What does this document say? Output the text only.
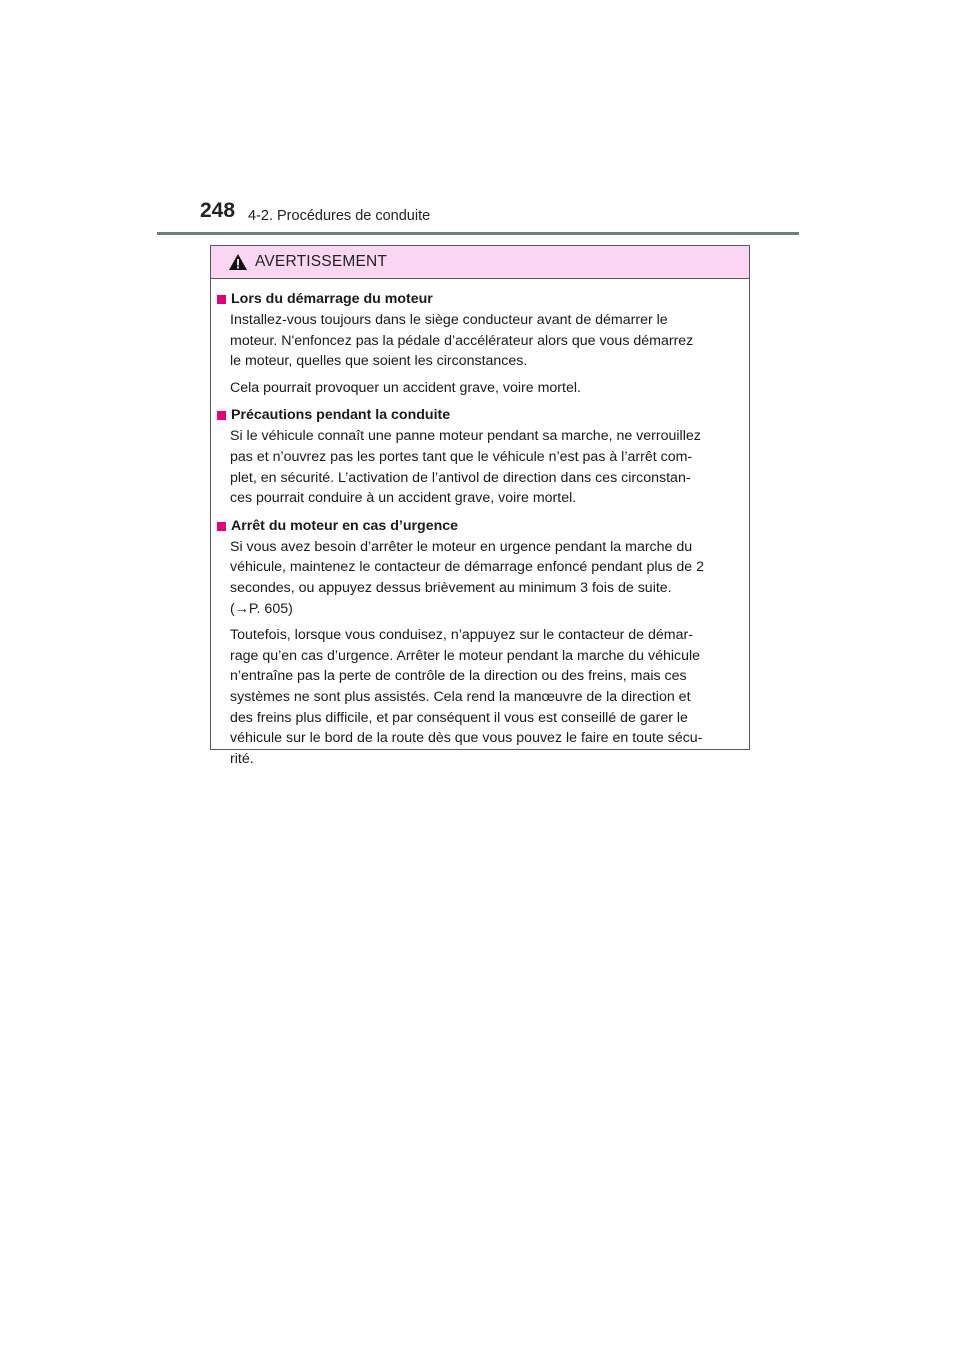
248 4-2. Procédures de conduite
AVERTISSEMENT
Lors du démarrage du moteur
Installez-vous toujours dans le siège conducteur avant de démarrer le
moteur. N'enfoncez pas la pédale d’accélérateur alors que vous démarrez
le moteur, quelles que soient les circonstances.
Cela pourrait provoquer un accident grave, voire mortel.
Précautions pendant la conduite
Si le véhicule connaît une panne moteur pendant sa marche, ne verrouillez
pas et n’ouvrez pas les portes tant que le véhicule n’est pas à l’arrêt com-
plet, en sécurité. L’activation de l’antivol de direction dans ces circonstan-
ces pourrait conduire à un accident grave, voire mortel.
Arrêt du moteur en cas d’urgence
Si vous avez besoin d’arrêter le moteur en urgence pendant la marche du
véhicule, maintenez le contacteur de démarrage enfoncé pendant plus de 2
secondes, ou appuyez dessus brièvement au minimum 3 fois de suite.
(→P. 605)
Toutefois, lorsque vous conduisez, n’appuyez sur le contacteur de démar-
rage qu’en cas d’urgence. Arrêter le moteur pendant la marche du véhicule
n’entraîne pas la perte de contrôle de la direction ou des freins, mais ces
systèmes ne sont plus assistés. Cela rend la manœuvre de la direction et
des freins plus difficile, et par conséquent il vous est conseillé de garer le
véhicule sur le bord de la route dès que vous pouvez le faire en toute sécu-
rité.
